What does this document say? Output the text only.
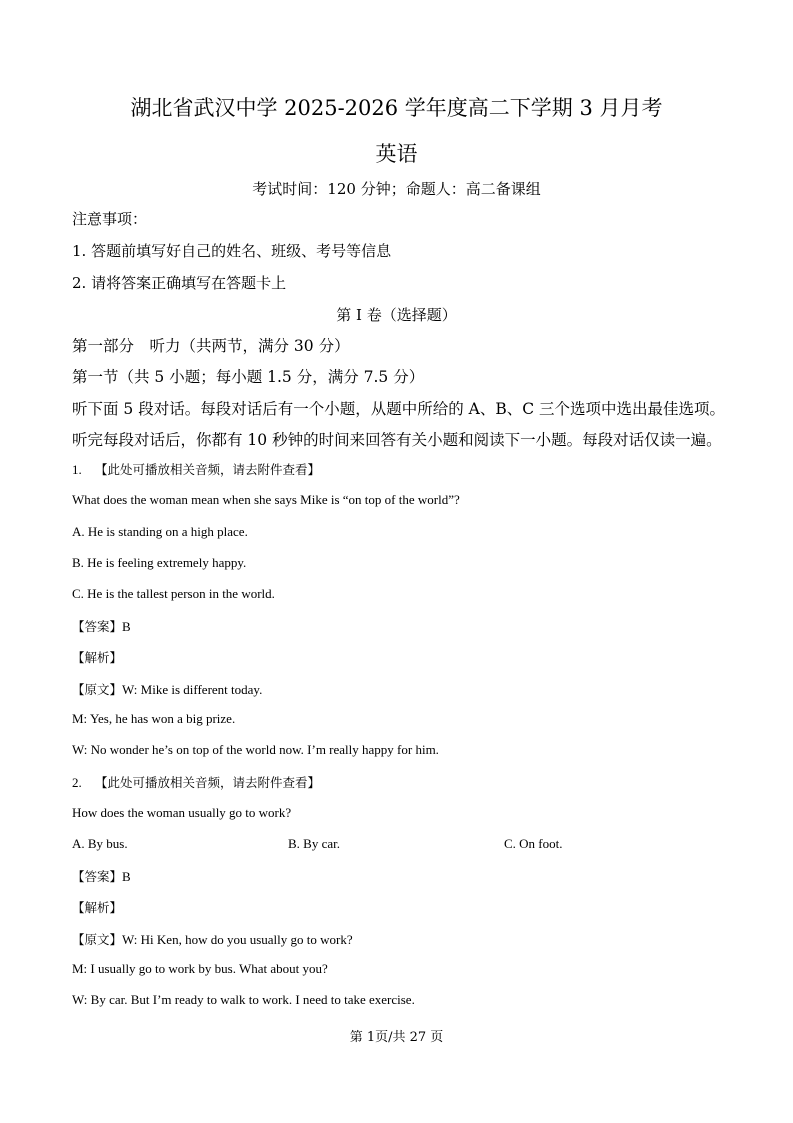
湖北省武汉中学 2025-2026 学年度高二下学期 3 月月考
英语
考试时间：120 分钟；命题人：高二备课组
注意事项：
1. 答题前填写好自己的姓名、班级、考号等信息
2. 请将答案正确填写在答题卡上
第 I 卷（选择题）
第一部分　听力（共两节，满分 30 分）
第一节（共 5 小题；每小题 1.5 分，满分 7.5 分）
听下面 5 段对话。每段对话后有一个小题，从题中所给的 A、B、C 三个选项中选出最佳选项。
听完每段对话后，你都有 10 秒钟的时间来回答有关小题和阅读下一小题。每段对话仅读一遍。
1. 【此处可播放相关音频，请去附件查看】
What does the woman mean when she says Mike is “on top of the world”?
A. He is standing on a high place.
B. He is feeling extremely happy.
C. He is the tallest person in the world.
【答案】B
【解析】
【原文】W: Mike is different today.
M: Yes, he has won a big prize.
W: No wonder he’s on top of the world now. I’m really happy for him.
2. 【此处可播放相关音频，请去附件查看】
How does the woman usually go to work?
A. By bus.	B. By car.	C. On foot.
【答案】B
【解析】
【原文】W: Hi Ken, how do you usually go to work?
M: I usually go to work by bus. What about you?
W: By car. But I’m ready to walk to work. I need to take exercise.
第 1页/共 27 页
